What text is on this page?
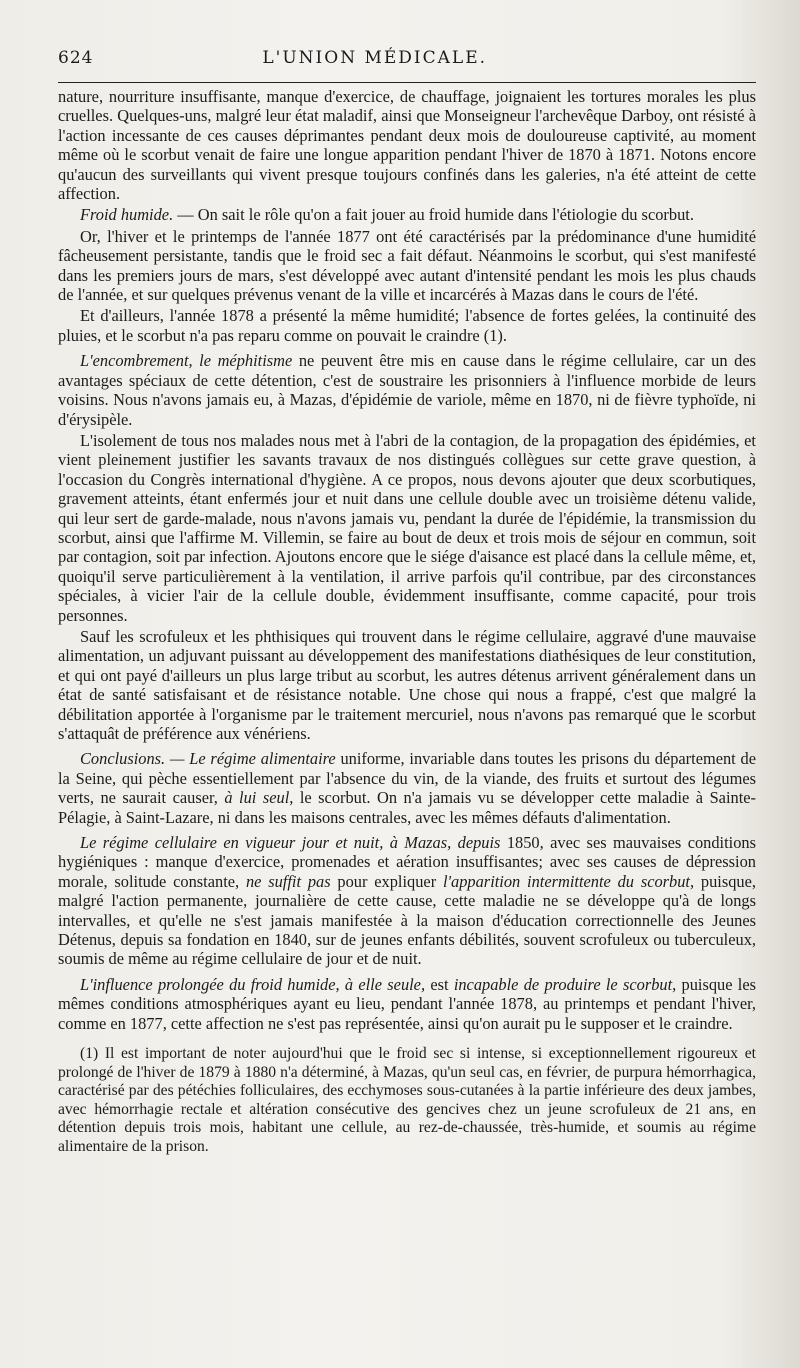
624	L'UNION MÉDICALE.

nature, nourriture insuffisante, manque d'exercice, de chauffage, joignaient les tortures morales les plus cruelles. Quelques-uns, malgré leur état maladif, ainsi que Monseigneur l'archevêque Darboy, ont résisté à l'action incessante de ces causes déprimantes pendant deux mois de douloureuse captivité, au moment même où le scorbut venait de faire une longue apparition pendant l'hiver de 1870 à 1871. Notons encore qu'aucun des surveillants qui vivent presque toujours confinés dans les galeries, n'a été atteint de cette affection.

Froid humide. — On sait le rôle qu'on a fait jouer au froid humide dans l'étiologie du scorbut.

Or, l'hiver et le printemps de l'année 1877 ont été caractérisés par la prédominance d'une humidité fâcheusement persistante, tandis que le froid sec a fait défaut. Néanmoins le scorbut, qui s'est manifesté dans les premiers jours de mars, s'est développé avec autant d'intensité pendant les mois les plus chauds de l'année, et sur quelques prévenus venant de la ville et incarcérés à Mazas dans le cours de l'été.

Et d'ailleurs, l'année 1878 a présenté la même humidité; l'absence de fortes gelées, la continuité des pluies, et le scorbut n'a pas reparu comme on pouvait le craindre (1).

L'encombrement, le méphitisme ne peuvent être mis en cause dans le régime cellulaire, car un des avantages spéciaux de cette détention, c'est de soustraire les prisonniers à l'influence morbide de leurs voisins. Nous n'avons jamais eu, à Mazas, d'épidémie de variole, même en 1870, ni de fièvre typhoïde, ni d'érysipèle.

L'isolement de tous nos malades nous met à l'abri de la contagion, de la propagation des épidémies, et vient pleinement justifier les savants travaux de nos distingués collègues sur cette grave question, à l'occasion du Congrès international d'hygiène. A ce propos, nous devons ajouter que deux scorbutiques, gravement atteints, étant enfermés jour et nuit dans une cellule double avec un troisième détenu valide, qui leur sert de garde-malade, nous n'avons jamais vu, pendant la durée de l'épidémie, la transmission du scorbut, ainsi que l'affirme M. Villemin, se faire au bout de deux et trois mois de séjour en commun, soit par contagion, soit par infection. Ajoutons encore que le siége d'aisance est placé dans la cellule même, et, quoiqu'il serve particulièrement à la ventilation, il arrive parfois qu'il contribue, par des circonstances spéciales, à vicier l'air de la cellule double, évidemment insuffisante, comme capacité, pour trois personnes.

Sauf les scrofuleux et les phthisiques qui trouvent dans le régime cellulaire, aggravé d'une mauvaise alimentation, un adjuvant puissant au développement des manifestations diathésiques de leur constitution, et qui ont payé d'ailleurs un plus large tribut au scorbut, les autres détenus arrivent généralement dans un état de santé satisfaisant et de résistance notable. Une chose qui nous a frappé, c'est que malgré la débilitation apportée à l'organisme par le traitement mercuriel, nous n'avons pas remarqué que le scorbut s'attaquât de préférence aux vénériens.

Conclusions. — Le régime alimentaire uniforme, invariable dans toutes les prisons du département de la Seine, qui pèche essentiellement par l'absence du vin, de la viande, des fruits et surtout des légumes verts, ne saurait causer, à lui seul, le scorbut. On n'a jamais vu se développer cette maladie à Sainte-Pélagie, à Saint-Lazare, ni dans les maisons centrales, avec les mêmes défauts d'alimentation.

Le régime cellulaire en vigueur jour et nuit, à Mazas, depuis 1850, avec ses mauvaises conditions hygiéniques : manque d'exercice, promenades et aération insuffisantes; avec ses causes de dépression morale, solitude constante, ne suffit pas pour expliquer l'apparition intermittente du scorbut, puisque, malgré l'action permanente, journalière de cette cause, cette maladie ne se développe qu'à de longs intervalles, et qu'elle ne s'est jamais manifestée à la maison d'éducation correctionnelle des Jeunes Détenus, depuis sa fondation en 1840, sur de jeunes enfants débilités, souvent scrofuleux ou tuberculeux, soumis de même au régime cellulaire de jour et de nuit.

L'influence prolongée du froid humide, à elle seule, est incapable de produire le scorbut, puisque les mêmes conditions atmosphériques ayant eu lieu, pendant l'année 1878, au printemps et pendant l'hiver, comme en 1877, cette affection ne s'est pas représentée, ainsi qu'on aurait pu le supposer et le craindre.

(1) Il est important de noter aujourd'hui que le froid sec si intense, si exceptionnellement rigoureux et prolongé de l'hiver de 1879 à 1880 n'a déterminé, à Mazas, qu'un seul cas, en février, de purpura hémorrhagica, caractérisé par des pétéchies folliculaires, des ecchymoses sous-cutanées à la partie inférieure des deux jambes, avec hémorrhagie rectale et altération consécutive des gencives chez un jeune scrofuleux de 21 ans, en détention depuis trois mois, habitant une cellule, au rez-de-chaussée, très-humide, et soumis au régime alimentaire de la prison.
